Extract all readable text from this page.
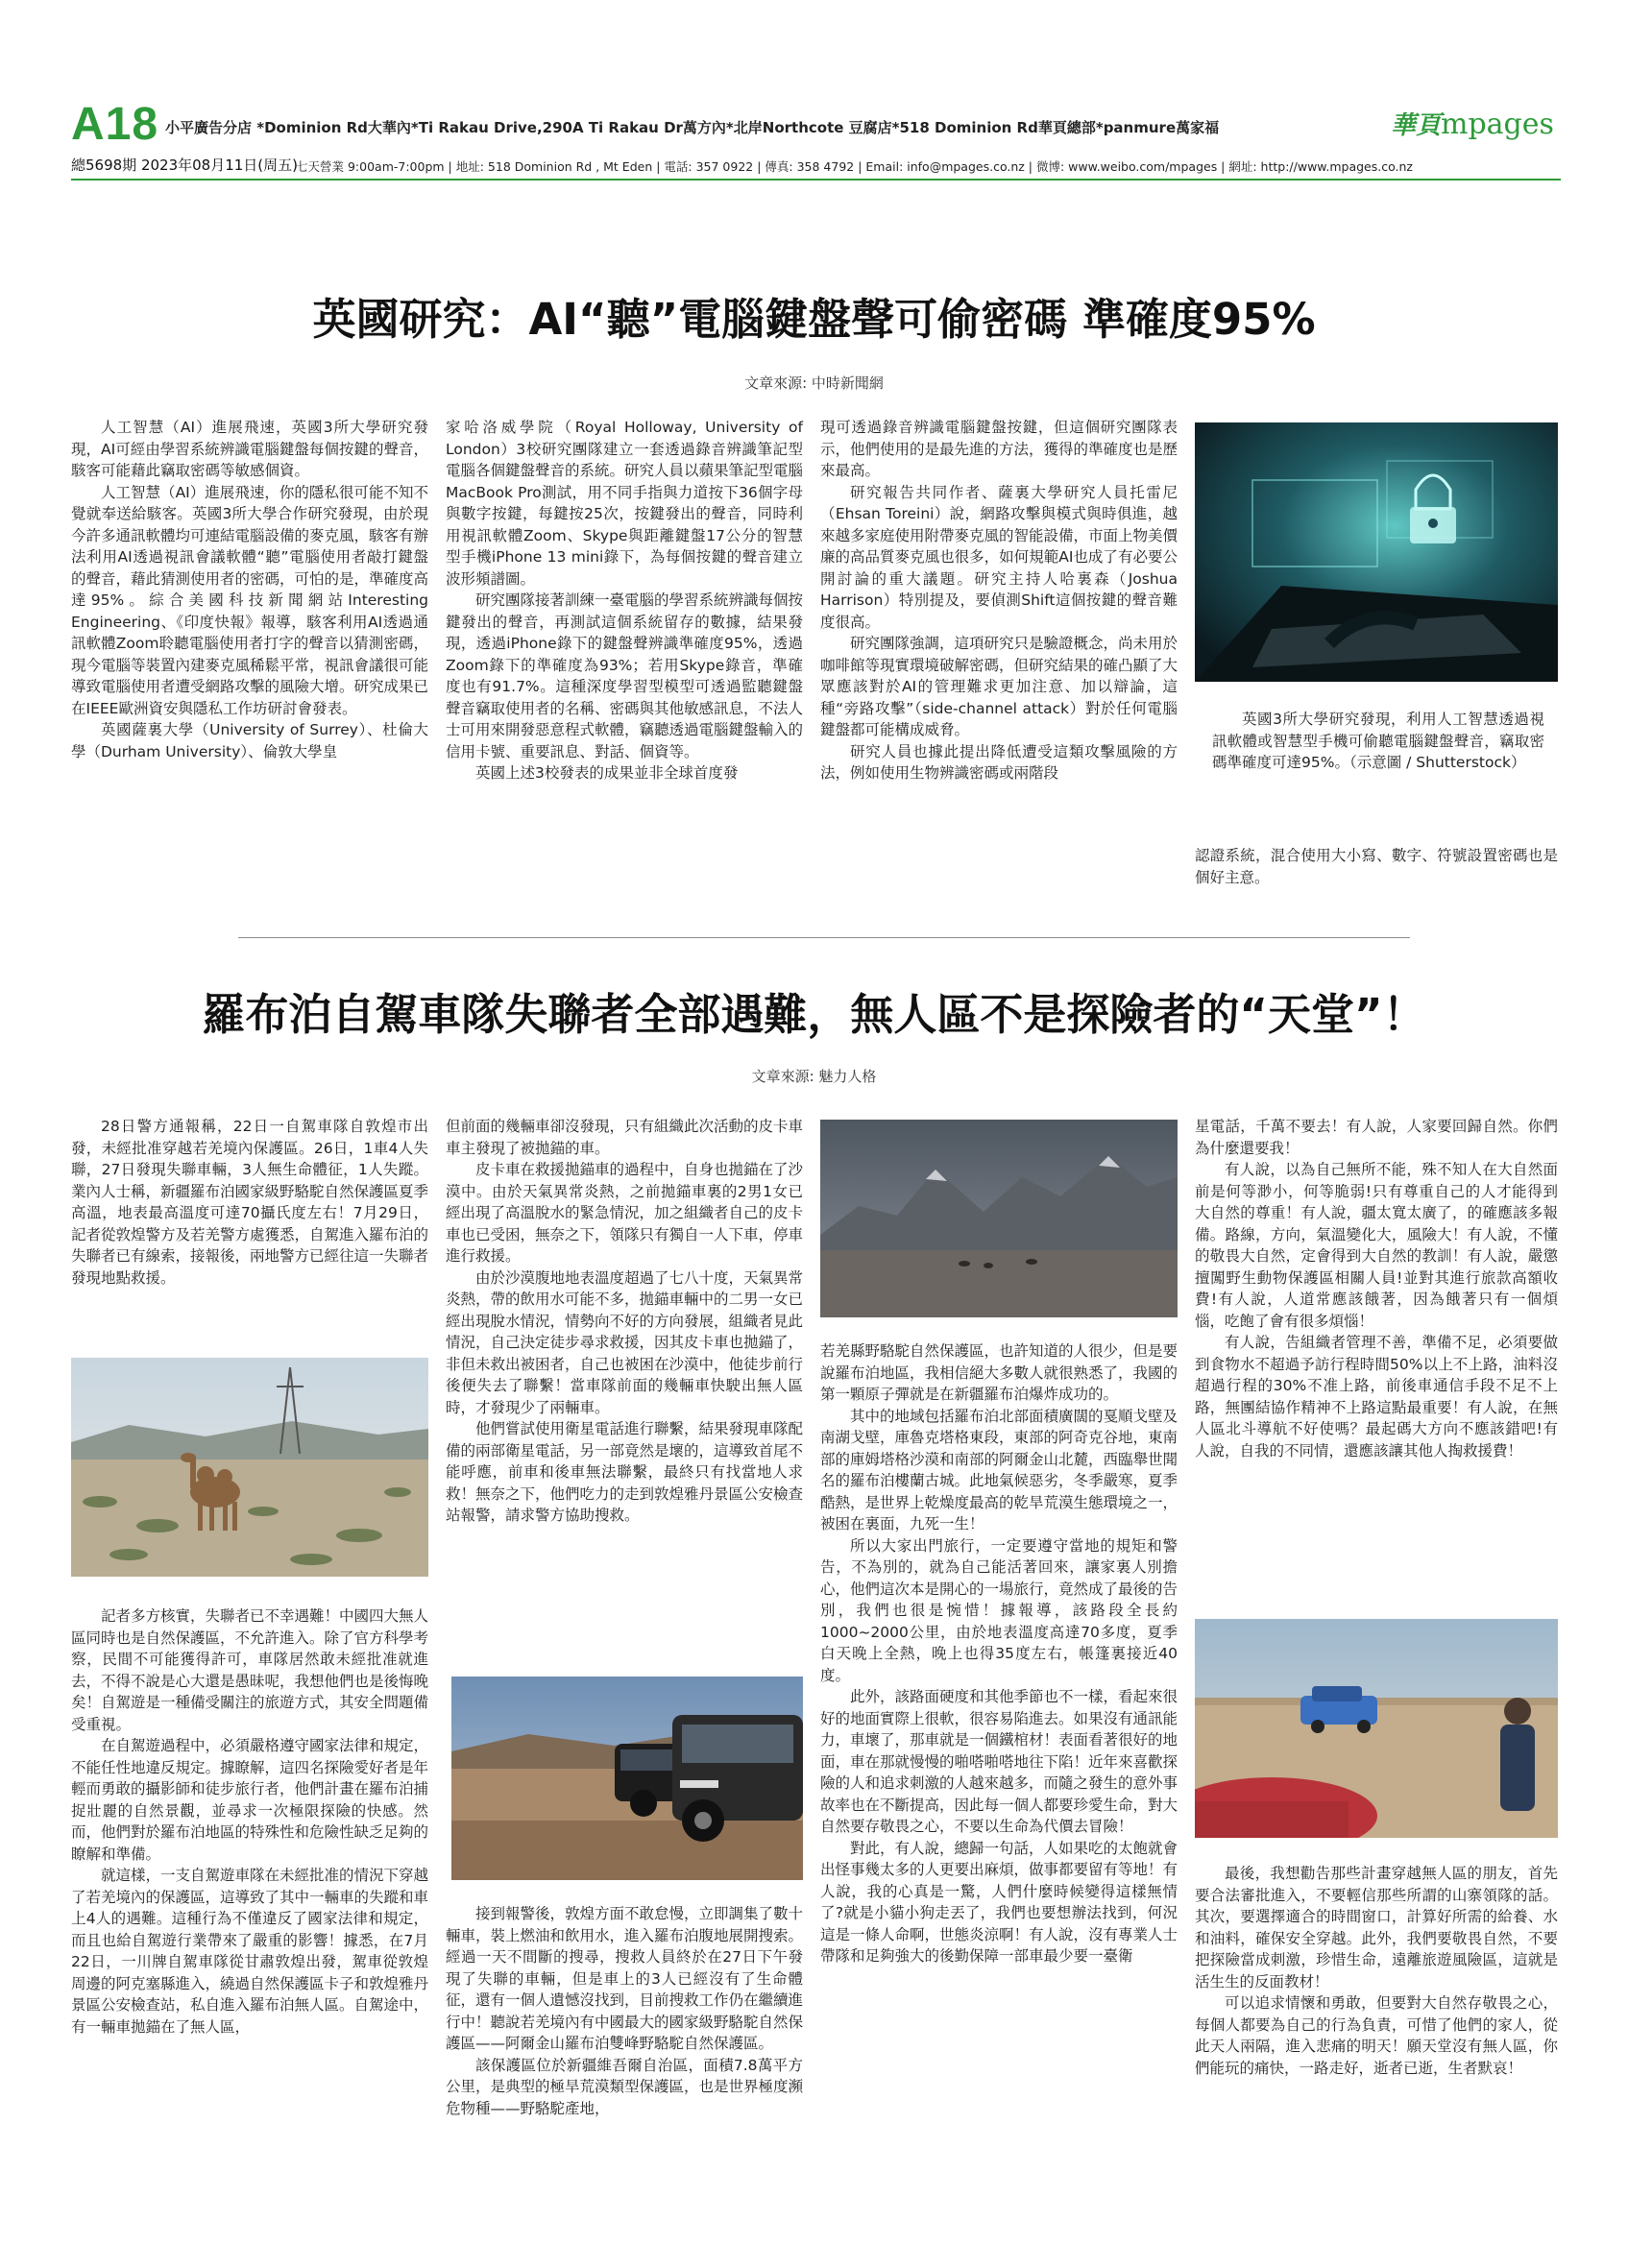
A18 小平廣告分店 *Dominion Rd大華內*Ti Rakau Drive,290A Ti Rakau Dr萬方內*北岸Northcote 豆腐店*518 Dominion Rd華頁總部*panmure萬家福
總5698期 2023年08月11日(周五)
七天營業 9:00am-7:00pm | 地址: 518 Dominion Rd , Mt Eden | 電話: 357 0922 | 傳真: 358 4792 | Email: info@mpages.co.nz | 微博: www.weibo.com/mpages | 網址: http://www.mpages.co.nz
華頁mpages
英國研究：AI“聽”電腦鍵盤聲可偷密碼 準確度95%
文章來源: 中時新聞網

人工智慧（AI）進展飛速，英國3所大學研究發現，AI可經由學習系統辨識電腦鍵盤每個按鍵的聲音，駭客可能藉此竊取密碼等敏感個資。

人工智慧（AI）進展飛速，你的隱私很可能不知不覺就奉送給駭客。英國3所大學合作研究發現，由於現今許多通訊軟體均可連結電腦設備的麥克風，駭客有辦法利用AI透過視訊會議軟體“聽”電腦使用者敲打鍵盤的聲音，藉此猜測使用者的密碼，可怕的是，準確度高達95%。綜合美國科技新聞網站Interesting Engineering、《印度快報》報導，駭客利用AI透過通訊軟體Zoom聆聽電腦使用者打字的聲音以猜測密碼，現今電腦等裝置內建麥克風稀鬆平常，視訊會議很可能導致電腦使用者遭受網路攻擊的風險大增。研究成果已在IEEE歐洲資安與隱私工作坊研討會發表。

英國薩裏大學（University of Surrey）、杜倫大學（Durham University）、倫敦大學皇

家哈洛威學院（Royal Holloway, University of London）3校研究團隊建立一套透過錄音辨識筆記型電腦各個鍵盤聲音的系統。研究人員以蘋果筆記型電腦MacBook Pro測試，用不同手指與力道按下36個字母與數字按鍵，每鍵按25次，按鍵發出的聲音，同時利用視訊軟體Zoom、Skype與距離鍵盤17公分的智慧型手機iPhone 13 mini錄下，為每個按鍵的聲音建立波形頻譜圖。

研究團隊接著訓練一臺電腦的學習系統辨識每個按鍵發出的聲音，再測試這個系統留存的數據，結果發現，透過iPhone錄下的鍵盤聲辨識準確度95%，透過Zoom錄下的準確度為93%；若用Skype錄音，準確度也有91.7%。這種深度學習型模型可透過監聽鍵盤聲音竊取使用者的名稱、密碼與其他敏感訊息，不法人士可用來開發惡意程式軟體，竊聽透過電腦鍵盤輸入的信用卡號、重要訊息、對話、個資等。

英國上述3校發表的成果並非全球首度發

現可透過錄音辨識電腦鍵盤按鍵，但這個研究團隊表示，他們使用的是最先進的方法，獲得的準確度也是歷來最高。

研究報告共同作者、薩裏大學研究人員托雷尼（Ehsan Toreini）說，網路攻擊與模式與時俱進，越來越多家庭使用附帶麥克風的智能設備，市面上物美價廉的高品質麥克風也很多，如何規範AI也成了有必要公開討論的重大議題。研究主持人哈裏森（Joshua Harrison）特別提及，要偵測Shift這個按鍵的聲音難度很高。

研究團隊強調，這項研究只是驗證概念，尚未用於咖啡館等現實環境破解密碼，但研究結果的確凸顯了大眾應該對於AI的管理難求更加注意、加以辯論，這種“旁路攻擊”（side-channel attack）對於任何電腦鍵盤都可能構成威脅。

研究人員也據此提出降低遭受這類攻擊風險的方法，例如使用生物辨識密碼或兩階段

英國3所大學研究發現，利用人工智慧透過視訊軟體或智慧型手機可偷聽電腦鍵盤聲音，竊取密碼準確度可達95%。（示意圖 / Shutterstock）

認證系統，混合使用大小寫、數字、符號設置密碼也是個好主意。

羅布泊自駕車隊失聯者全部遇難，無人區不是探險者的“天堂”！
文章來源: 魅力人格

28日警方通報稱，22日一自駕車隊自敦煌市出發，未經批准穿越若羌境內保護區。26日，1車4人失聯，27日發現失聯車輛，3人無生命體征，1人失蹤。業內人士稱，新疆羅布泊國家級野駱駝自然保護區夏季高溫，地表最高溫度可達70攝氏度左右！7月29日，記者從敦煌警方及若羌警方處獲悉，自駕進入羅布泊的失聯者已有線索，接報後，兩地警方已經往這一失聯者發現地點救援。

記者多方核實，失聯者已不幸遇難！中國四大無人區同時也是自然保護區，不允許進入。除了官方科學考察，民間不可能獲得許可，車隊居然敢未經批准就進去，不得不說是心大還是愚昧呢，我想他們也是後悔晚矣！自駕遊是一種備受關注的旅遊方式，其安全問題備受重視。

在自駕遊過程中，必須嚴格遵守國家法律和規定，不能任性地違反規定。據瞭解，這四名探險愛好者是年輕而勇敢的攝影師和徒步旅行者，他們計畫在羅布泊捕捉壯麗的自然景觀，並尋求一次極限探險的快感。然而，他們對於羅布泊地區的特殊性和危險性缺乏足夠的瞭解和準備。

就這樣，一支自駕遊車隊在未經批准的情況下穿越了若羌境內的保護區，這導致了其中一輛車的失蹤和車上4人的遇難。這種行為不僅違反了國家法律和規定，而且也給自駕遊行業帶來了嚴重的影響！據悉，在7月22日，一川牌自駕車隊從甘肅敦煌出發，駕車從敦煌周邊的阿克塞縣進入，繞過自然保護區卡子和敦煌雅丹景區公安檢查站，私自進入羅布泊無人區。自駕途中，有一輛車拋錨在了無人區，

但前面的幾輛車卻沒發現，只有組織此次活動的皮卡車車主發現了被拋錨的車。

皮卡車在救援拋錨車的過程中，自身也拋錨在了沙漠中。由於天氣異常炎熱，之前拋錨車裏的2男1女已經出現了高溫脫水的緊急情況，加之組織者自己的皮卡車也已受困，無奈之下，領隊只有獨自一人下車，停車進行救援。

由於沙漠腹地地表溫度超過了七八十度，天氣異常炎熱，帶的飲用水可能不多，拋錨車輛中的二男一女已經出現脫水情況，情勢向不好的方向發展，組織者見此情況，自己決定徒步尋求救援，因其皮卡車也拋錨了，非但未救出被困者，自己也被困在沙漠中，他徒步前行後便失去了聯繫！當車隊前面的幾輛車快駛出無人區時，才發現少了兩輛車。

他們嘗試使用衛星電話進行聯繫，結果發現車隊配備的兩部衛星電話，另一部竟然是壞的，這導致首尾不能呼應，前車和後車無法聯繫，最終只有找當地人求救！無奈之下，他們吃力的走到敦煌雅丹景區公安檢查站報警，請求警方協助搜救。

接到報警後，敦煌方面不敢怠慢，立即調集了數十輛車，裝上燃油和飲用水，進入羅布泊腹地展開搜索。經過一天不間斷的搜尋，搜救人員終於在27日下午發現了失聯的車輛，但是車上的3人已經沒有了生命體征，還有一個人遺憾沒找到，目前搜救工作仍在繼續進行中！聽說若羌境內有中國最大的國家級野駱駝自然保護區——阿爾金山羅布泊雙峰野駱駝自然保護區。

該保護區位於新疆維吾爾自治區，面積7.8萬平方公里，是典型的極旱荒漠類型保護區，也是世界極度瀕危物種——野駱駝產地，

若羌縣野駱駝自然保護區，也許知道的人很少，但是要說羅布泊地區，我相信絕大多數人就很熟悉了，我國的第一顆原子彈就是在新疆羅布泊爆炸成功的。

其中的地域包括羅布泊北部面積廣闊的戛順戈壁及南湖戈壁，庫魯克塔格東段，東部的阿奇克谷地，東南部的庫姆塔格沙漠和南部的阿爾金山北麓，西臨舉世聞名的羅布泊樓蘭古城。此地氣候惡劣，冬季嚴寒，夏季酷熱，是世界上乾燥度最高的乾旱荒漠生態環境之一，被困在裏面，九死一生！

所以大家出門旅行，一定要遵守當地的規矩和警告，不為別的，就為自己能活著回來，讓家裏人別擔心，他們這次本是開心的一場旅行，竟然成了最後的告別，我們也很是惋惜！據報導，該路段全長約1000~2000公里，由於地表溫度高達70多度，夏季白天晚上全熱，晚上也得35度左右，帳篷裏接近40度。

此外，該路面硬度和其他季節也不一樣，看起來很好的地面實際上很軟，很容易陷進去。如果沒有通訊能力，車壞了，那車就是一個鐵棺材！表面看著很好的地面，車在那就慢慢的啪嗒啪嗒地往下陷！近年來喜歡探險的人和追求刺激的人越來越多，而隨之發生的意外事故率也在不斷提高，因此每一個人都要珍愛生命，對大自然要存敬畏之心，不要以生命為代價去冒險！

對此，有人說，總歸一句話，人如果吃的太飽就會出怪事幾太多的人更要出麻煩，做事都要留有等地！有人說，我的心真是一驚，人們什麼時候變得這樣無情了?就是小貓小狗走丟了，我們也要想辦法找到，何況這是一條人命啊，世態炎涼啊！有人說，沒有專業人士帶隊和足夠強大的後勤保障一部車最少要一臺衛

星電話，千萬不要去！有人說，人家要回歸自然。你們為什麼還要我！

有人說，以為自己無所不能，殊不知人在大自然面前是何等渺小，何等脆弱!只有尊重自己的人才能得到大自然的尊重！有人說，疆太寬太廣了，的確應該多報備。路線，方向，氣溫變化大，風險大！有人說，不懂的敬畏大自然，定會得到大自然的教訓！有人說，嚴懲擅闖野生動物保護區相關人員!並對其進行旅款高額收費!有人說，人道常應該餓著，因為餓著只有一個煩惱，吃飽了會有很多煩惱！

有人說，告組織者管理不善，準備不足，必須要做到食物水不超過予訪行程時間50%以上不上路，油料沒超過行程的30%不准上路，前後車通信手段不足不上路，無團結協作精神不上路這點最重要！有人說，在無人區北斗導航不好使嗎？最起碼大方向不應該錯吧!有人說，自我的不同情，還應該讓其他人掏救援費！

最後，我想勸告那些計畫穿越無人區的朋友，首先要合法審批進入，不要輕信那些所謂的山寨領隊的話。其次，要選擇適合的時間窗口，計算好所需的給養、水和油料，確保安全穿越。此外，我們要敬畏自然，不要把探險當成刺激，珍惜生命，遠離旅遊風險區，這就是活生生的反面教材！

可以追求情懷和勇敢，但要對大自然存敬畏之心，每個人都要為自己的行為負責，可惜了他們的家人，從此天人兩隔，進入悲痛的明天！願天堂沒有無人區，你們能玩的痛快，一路走好，逝者已逝，生者默哀！
